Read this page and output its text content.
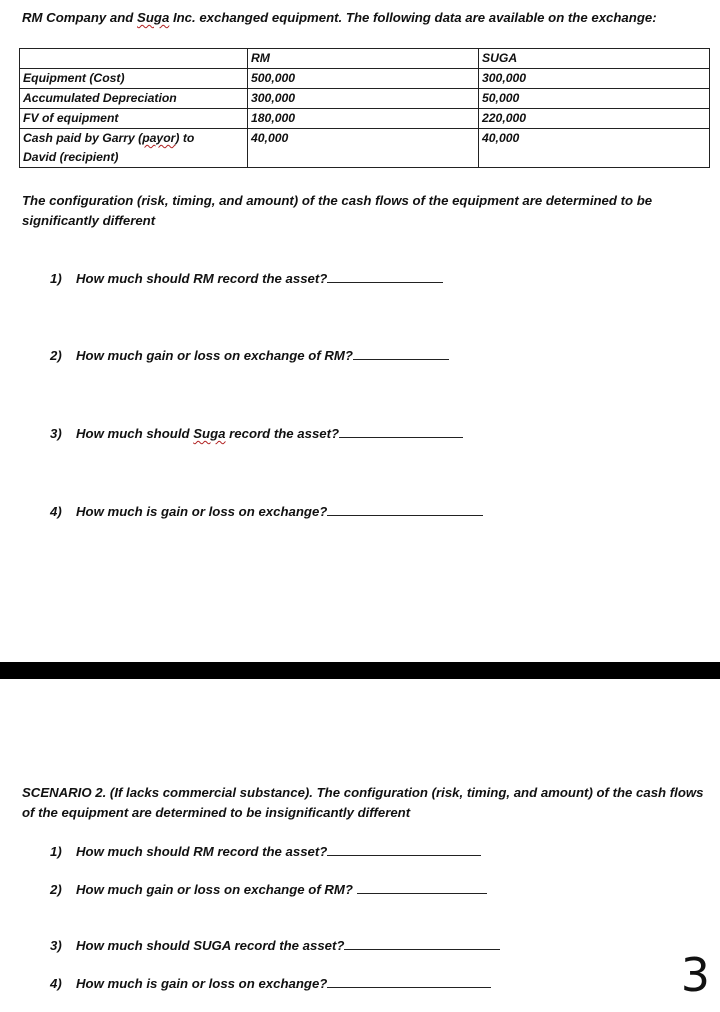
RM Company and Suga Inc. exchanged equipment. The following data are available on the exchange:
	RM	SUGA
Equipment (Cost)	500,000	300,000
Accumulated Depreciation	300,000	50,000
FV of equipment	180,000	220,000
Cash paid by Garry (payor) to
David (recipient)	40,000	40,000
The configuration (risk, timing, and amount) of the cash flows of the equipment are determined to be significantly different
1) How much should RM record the asset?
2) How much gain or loss on exchange of RM?
3) How much should Suga record the asset?
4) How much is gain or loss on exchange?
SCENARIO 2. (If lacks commercial substance). The configuration (risk, timing, and amount) of the cash flows of the equipment are determined to be insignificantly different
1) How much should RM record the asset?
2) How much gain or loss on exchange of RM?
3) How much should SUGA record the asset?
4) How much is gain or loss on exchange?	3
